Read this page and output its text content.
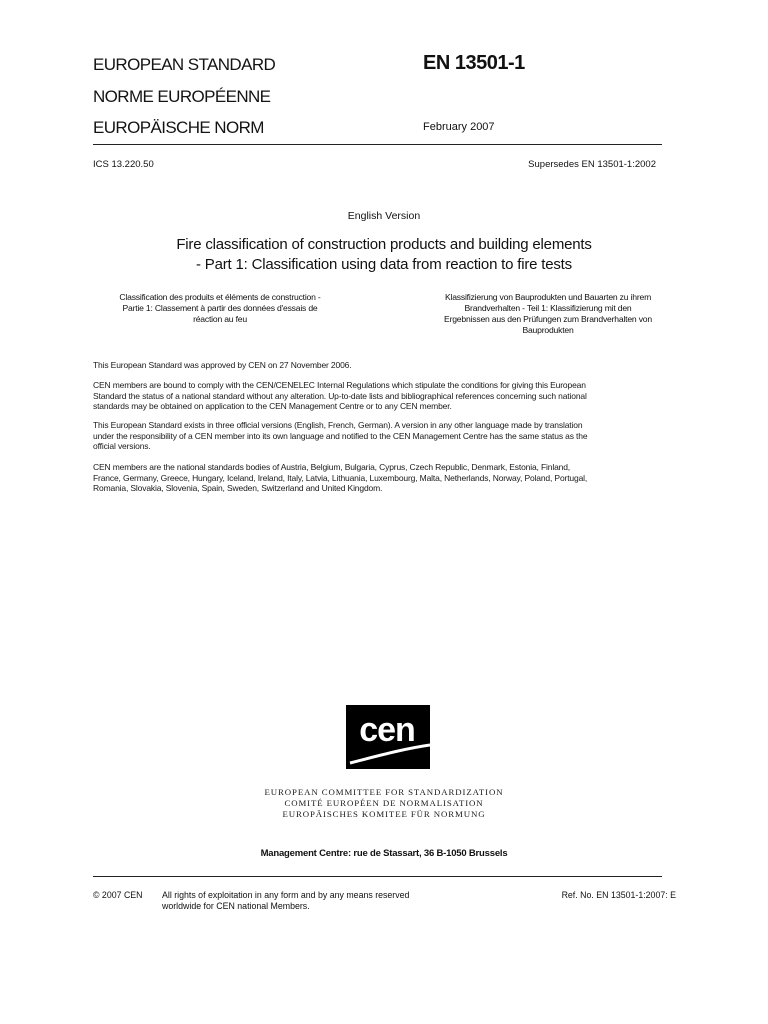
EUROPEAN STANDARD
NORME EUROPÉENNE
EUROPÄISCHE NORM
EN 13501-1
February 2007
ICS 13.220.50	Supersedes EN 13501-1:2002
English Version
Fire classification of construction products and building elements
- Part 1: Classification using data from reaction to fire tests
Classification des produits et éléments de construction -
Partie 1: Classement à partir des données d'essais de
réaction au feu
Klassifizierung von Bauprodukten und Bauarten zu ihrem
Brandverhalten - Teil 1: Klassifizierung mit den
Ergebnissen aus den Prüfungen zum Brandverhalten von
Bauprodukten
This European Standard was approved by CEN on 27 November 2006.
CEN members are bound to comply with the CEN/CENELEC Internal Regulations which stipulate the conditions for giving this European
Standard the status of a national standard without any alteration. Up-to-date lists and bibliographical references concerning such national
standards may be obtained on application to the CEN Management Centre or to any CEN member.
This European Standard exists in three official versions (English, French, German). A version in any other language made by translation
under the responsibility of a CEN member into its own language and notified to the CEN Management Centre has the same status as the
official versions.
CEN members are the national standards bodies of Austria, Belgium, Bulgaria, Cyprus, Czech Republic, Denmark, Estonia, Finland,
France, Germany, Greece, Hungary, Iceland, Ireland, Italy, Latvia, Lithuania, Luxembourg, Malta, Netherlands, Norway, Poland, Portugal,
Romania, Slovakia, Slovenia, Spain, Sweden, Switzerland and United Kingdom.
cen
EUROPEAN COMMITTEE FOR STANDARDIZATION
COMITÉ EUROPÉEN DE NORMALISATION
EUROPÄISCHES KOMITEE FÜR NORMUNG
Management Centre: rue de Stassart, 36 B-1050 Brussels
© 2007 CEN All rights of exploitation in any form and by any means reserved
worldwide for CEN national Members.
Ref. No. EN 13501-1:2007: E
